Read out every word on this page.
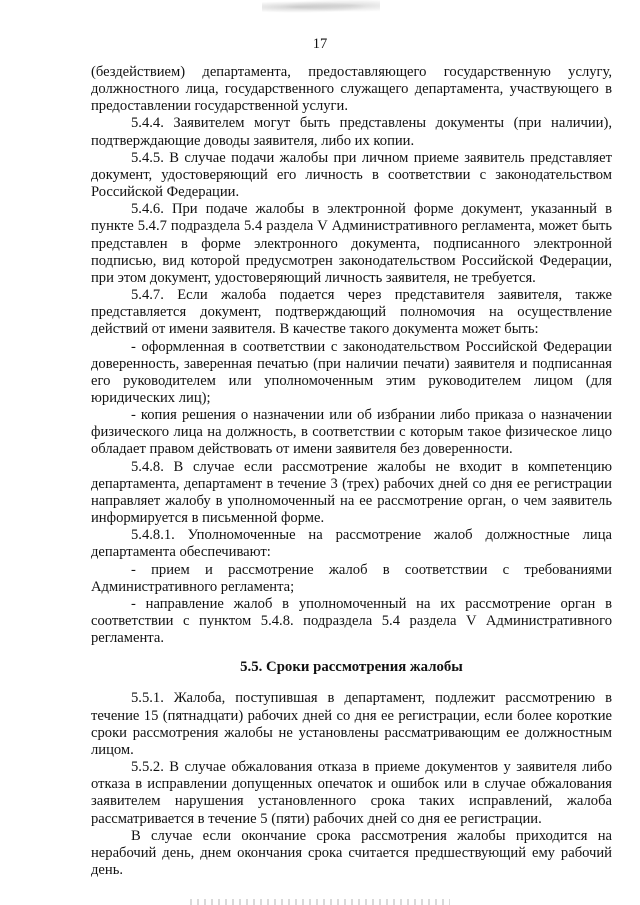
17

(бездействием) департамента, предоставляющего государственную услугу, должностного лица, государственного служащего департамента, участвующего в предоставлении государственной услуги.

5.4.4. Заявителем могут быть представлены документы (при наличии), подтверждающие доводы заявителя, либо их копии.

5.4.5. В случае подачи жалобы при личном приеме заявитель представляет документ, удостоверяющий его личность в соответствии с законодательством Российской Федерации.

5.4.6. При подаче жалобы в электронной форме документ, указанный в пункте 5.4.7 подраздела 5.4 раздела V Административного регламента, может быть представлен в форме электронного документа, подписанного электронной подписью, вид которой предусмотрен законодательством Российской Федерации, при этом документ, удостоверяющий личность заявителя, не требуется.

5.4.7. Если жалоба подается через представителя заявителя, также представляется документ, подтверждающий полномочия на осуществление действий от имени заявителя. В качестве такого документа может быть:

- оформленная в соответствии с законодательством Российской Федерации доверенность, заверенная печатью (при наличии печати) заявителя и подписанная его руководителем или уполномоченным этим руководителем лицом (для юридических лиц);

- копия решения о назначении или об избрании либо приказа о назначении физического лица на должность, в соответствии с которым такое физическое лицо обладает правом действовать от имени заявителя без доверенности.

5.4.8. В случае если рассмотрение жалобы не входит в компетенцию департамента, департамент в течение 3 (трех) рабочих дней со дня ее регистрации направляет жалобу в уполномоченный на ее рассмотрение орган, о чем заявитель информируется в письменной форме.

5.4.8.1. Уполномоченные на рассмотрение жалоб должностные лица департамента обеспечивают:

- прием и рассмотрение жалоб в соответствии с требованиями Административного регламента;

- направление жалоб в уполномоченный на их рассмотрение орган в соответствии с пунктом 5.4.8. подраздела 5.4 раздела V Административного регламента.

5.5. Сроки рассмотрения жалобы

5.5.1. Жалоба, поступившая в департамент, подлежит рассмотрению в течение 15 (пятнадцати) рабочих дней со дня ее регистрации, если более короткие сроки рассмотрения жалобы не установлены рассматривающим ее должностным лицом.

5.5.2. В случае обжалования отказа в приеме документов у заявителя либо отказа в исправлении допущенных опечаток и ошибок или в случае обжалования заявителем нарушения установленного срока таких исправлений, жалоба рассматривается в течение 5 (пяти) рабочих дней со дня ее регистрации.

В случае если окончание срока рассмотрения жалобы приходится на нерабочий день, днем окончания срока считается предшествующий ему рабочий день.
